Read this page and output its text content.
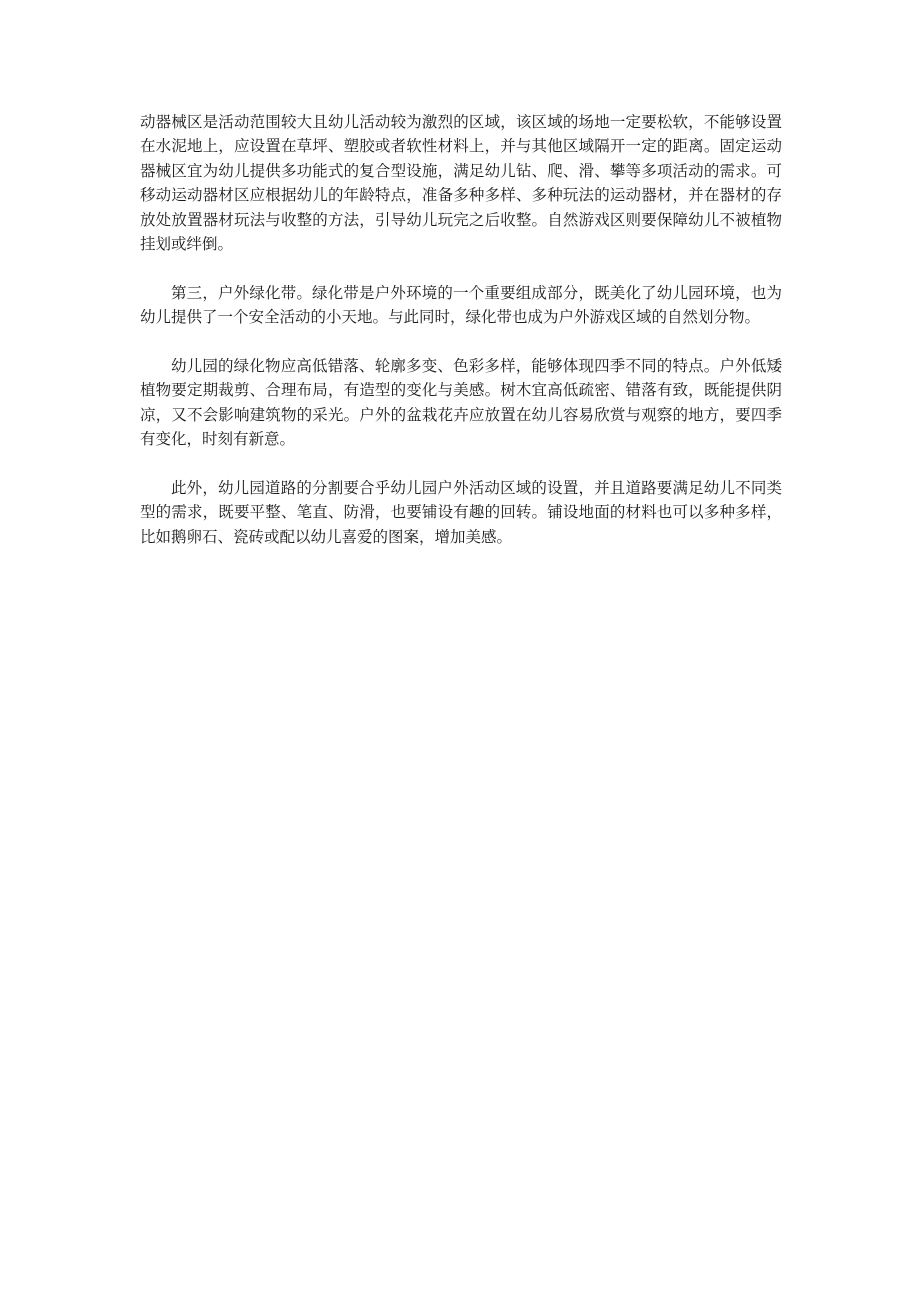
动器械区是活动范围较大且幼儿活动较为激烈的区域，该区域的场地一定要松软，不能够设置在水泥地上，应设置在草坪、塑胶或者软性材料上，并与其他区域隔开一定的距离。固定运动器械区宜为幼儿提供多功能式的复合型设施，满足幼儿钻、爬、滑、攀等多项活动的需求。可移动运动器材区应根据幼儿的年龄特点，准备多种多样、多种玩法的运动器材，并在器材的存放处放置器材玩法与收整的方法，引导幼儿玩完之后收整。自然游戏区则要保障幼儿不被植物挂划或绊倒。

第三，户外绿化带。绿化带是户外环境的一个重要组成部分，既美化了幼儿园环境，也为幼儿提供了一个安全活动的小天地。与此同时，绿化带也成为户外游戏区域的自然划分物。

幼儿园的绿化物应高低错落、轮廓多变、色彩多样，能够体现四季不同的特点。户外低矮植物要定期裁剪、合理布局，有造型的变化与美感。树木宜高低疏密、错落有致，既能提供阴凉，又不会影响建筑物的采光。户外的盆栽花卉应放置在幼儿容易欣赏与观察的地方，要四季有变化，时刻有新意。

此外，幼儿园道路的分割要合乎幼儿园户外活动区域的设置，并且道路要满足幼儿不同类型的需求，既要平整、笔直、防滑，也要铺设有趣的回转。铺设地面的材料也可以多种多样，比如鹅卵石、瓷砖或配以幼儿喜爱的图案，增加美感。
